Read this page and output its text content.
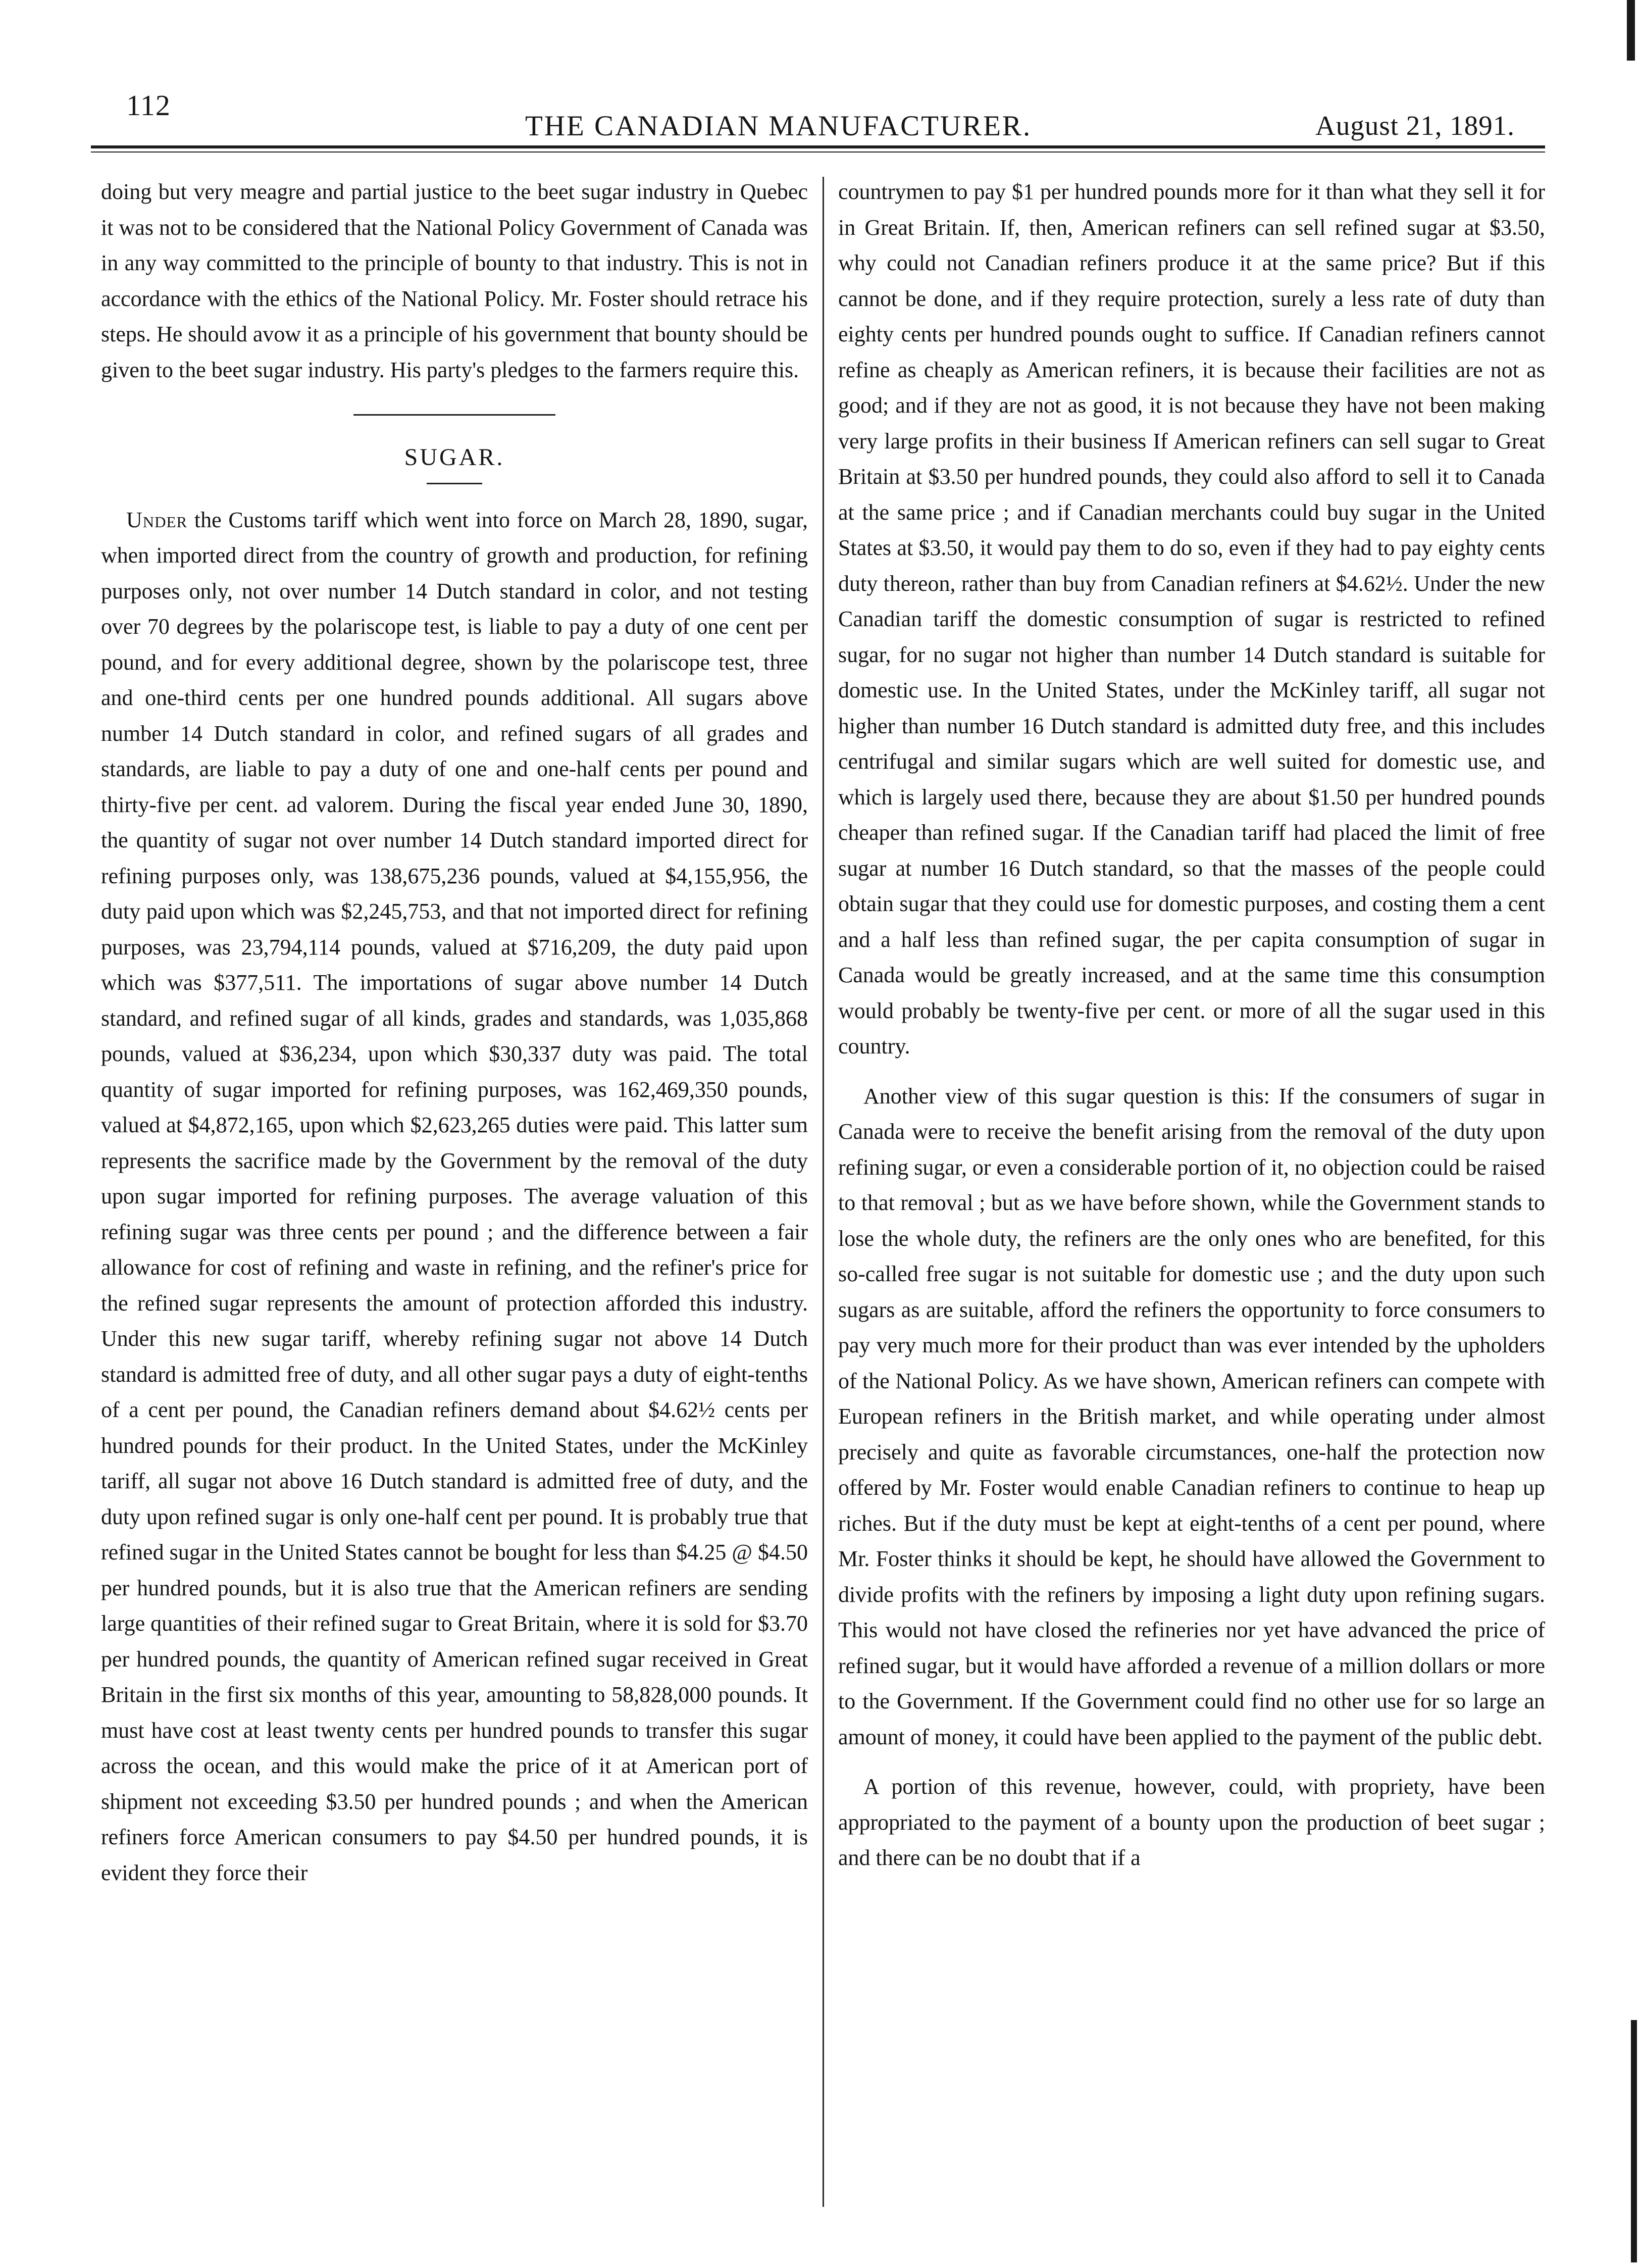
112
THE CANADIAN MANUFACTURER.	August 21, 1891.

doing but very meagre and partial justice to the beet sugar industry in Quebec it was not to be considered that the National Policy Government of Canada was in any way committed to the principle of bounty to that industry. This is not in accordance with the ethics of the National Policy. Mr. Foster should retrace his steps. He should avow it as a principle of his government that bounty should be given to the beet sugar industry. His party's pledges to the farmers require this.

SUGAR.

Under the Customs tariff which went into force on March 28, 1890, sugar, when imported direct from the country of growth and production, for refining purposes only, not over number 14 Dutch standard in color, and not testing over 70 degrees by the polariscope test, is liable to pay a duty of one cent per pound, and for every additional degree, shown by the polariscope test, three and one-third cents per one hundred pounds additional. All sugars above number 14 Dutch standard in color, and refined sugars of all grades and standards, are liable to pay a duty of one and one-half cents per pound and thirty-five per cent. ad valorem. During the fiscal year ended June 30, 1890, the quantity of sugar not over number 14 Dutch standard imported direct for refining purposes only, was 138,675,236 pounds, valued at $4,155,956, the duty paid upon which was $2,245,753, and that not imported direct for refining purposes, was 23,794,114 pounds, valued at $716,209, the duty paid upon which was $377,511. The importations of sugar above number 14 Dutch standard, and refined sugar of all kinds, grades and standards, was 1,035,868 pounds, valued at $36,234, upon which $30,337 duty was paid. The total quantity of sugar imported for refining purposes, was 162,469,350 pounds, valued at $4,872,165, upon which $2,623,265 duties were paid. This latter sum represents the sacrifice made by the Government by the removal of the duty upon sugar imported for refining purposes. The average valuation of this refining sugar was three cents per pound ; and the difference between a fair allowance for cost of refining and waste in refining, and the refiner's price for the refined sugar represents the amount of protection afforded this industry. Under this new sugar tariff, whereby refining sugar not above 14 Dutch standard is admitted free of duty, and all other sugar pays a duty of eight-tenths of a cent per pound, the Canadian refiners demand about $4.62½ cents per hundred pounds for their product. In the United States, under the McKinley tariff, all sugar not above 16 Dutch standard is admitted free of duty, and the duty upon refined sugar is only one-half cent per pound. It is probably true that refined sugar in the United States cannot be bought for less than $4.25 @ $4.50 per hundred pounds, but it is also true that the American refiners are sending large quantities of their refined sugar to Great Britain, where it is sold for $3.70 per hundred pounds, the quantity of American refined sugar received in Great Britain in the first six months of this year, amounting to 58,828,000 pounds. It must have cost at least twenty cents per hundred pounds to transfer this sugar across the ocean, and this would make the price of it at American port of shipment not exceeding $3.50 per hundred pounds ; and when the American refiners force American consumers to pay $4.50 per hundred pounds, it is evident they force their

countrymen to pay $1 per hundred pounds more for it than what they sell it for in Great Britain. If, then, American refiners can sell refined sugar at $3.50, why could not Canadian refiners produce it at the same price? But if this cannot be done, and if they require protection, surely a less rate of duty than eighty cents per hundred pounds ought to suffice. If Canadian refiners cannot refine as cheaply as American refiners, it is because their facilities are not as good; and if they are not as good, it is not because they have not been making very large profits in their business If American refiners can sell sugar to Great Britain at $3.50 per hundred pounds, they could also afford to sell it to Canada at the same price ; and if Canadian merchants could buy sugar in the United States at $3.50, it would pay them to do so, even if they had to pay eighty cents duty thereon, rather than buy from Canadian refiners at $4.62½. Under the new Canadian tariff the domestic consumption of sugar is restricted to refined sugar, for no sugar not higher than number 14 Dutch standard is suitable for domestic use. In the United States, under the McKinley tariff, all sugar not higher than number 16 Dutch standard is admitted duty free, and this includes centrifugal and similar sugars which are well suited for domestic use, and which is largely used there, because they are about $1.50 per hundred pounds cheaper than refined sugar. If the Canadian tariff had placed the limit of free sugar at number 16 Dutch standard, so that the masses of the people could obtain sugar that they could use for domestic purposes, and costing them a cent and a half less than refined sugar, the per capita consumption of sugar in Canada would be greatly increased, and at the same time this consumption would probably be twenty-five per cent. or more of all the sugar used in this country.

Another view of this sugar question is this: If the consumers of sugar in Canada were to receive the benefit arising from the removal of the duty upon refining sugar, or even a considerable portion of it, no objection could be raised to that removal ; but as we have before shown, while the Government stands to lose the whole duty, the refiners are the only ones who are benefited, for this so-called free sugar is not suitable for domestic use ; and the duty upon such sugars as are suitable, afford the refiners the opportunity to force consumers to pay very much more for their product than was ever intended by the upholders of the National Policy. As we have shown, American refiners can compete with European refiners in the British market, and while operating under almost precisely and quite as favorable circumstances, one-half the protection now offered by Mr. Foster would enable Canadian refiners to continue to heap up riches. But if the duty must be kept at eight-tenths of a cent per pound, where Mr. Foster thinks it should be kept, he should have allowed the Government to divide profits with the refiners by imposing a light duty upon refining sugars. This would not have closed the refineries nor yet have advanced the price of refined sugar, but it would have afforded a revenue of a million dollars or more to the Government. If the Government could find no other use for so large an amount of money, it could have been applied to the payment of the public debt.

A portion of this revenue, however, could, with propriety, have been appropriated to the payment of a bounty upon the production of beet sugar ; and there can be no doubt that if a
